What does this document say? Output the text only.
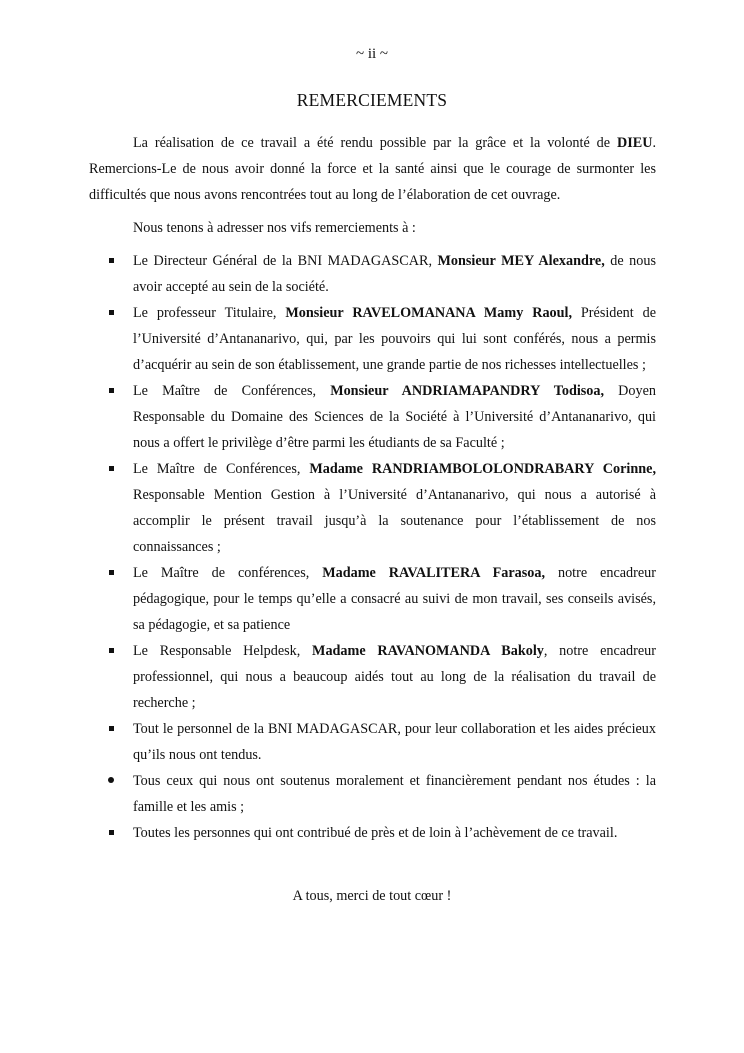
~ ii ~
REMERCIEMENTS

La réalisation de ce travail a été rendu possible par la grâce et la volonté de DIEU. Remercions-Le de nous avoir donné la force et la santé ainsi que le courage de surmonter les difficultés que nous avons rencontrées tout au long de l’élaboration de cet ouvrage.

Nous tenons à adresser nos vifs remerciements à :

Le Directeur Général de la BNI MADAGASCAR, Monsieur MEY Alexandre, de nous avoir accepté au sein de la société.
Le professeur Titulaire, Monsieur RAVELOMANANA Mamy Raoul, Président de l’Université d’Antananarivo, qui, par les pouvoirs qui lui sont conférés, nous a permis d’acquérir au sein de son établissement, une grande partie de nos richesses intellectuelles ;
Le Maître de Conférences, Monsieur ANDRIAMAPANDRY Todisoa, Doyen Responsable du Domaine des Sciences de la Société à l’Université d’Antananarivo, qui nous a offert le privilège d’être parmi les étudiants de sa Faculté ;
Le Maître de Conférences, Madame RANDRIAMBOLOLONDRABARY Corinne, Responsable Mention Gestion à l’Université d’Antananarivo, qui nous a autorisé à accomplir le présent travail jusqu’à la soutenance pour l’établissement de nos connaissances ;
Le Maître de conférences, Madame RAVALITERA Farasoa, notre encadreur pédagogique, pour le temps qu’elle a consacré au suivi de mon travail, ses conseils avisés, sa pédagogie, et sa patience
Le Responsable Helpdesk, Madame RAVANOMANDA Bakoly, notre encadreur professionnel, qui nous a beaucoup aidés tout au long de la réalisation du travail de recherche ;
Tout le personnel de la BNI MADAGASCAR, pour leur collaboration et les aides précieux qu’ils nous ont tendus.
Tous ceux qui nous ont soutenus moralement et financièrement pendant nos études : la famille et les amis ;
Toutes les personnes qui ont contribué de près et de loin à l’achèvement de ce travail.
A tous, merci de tout cœur !
